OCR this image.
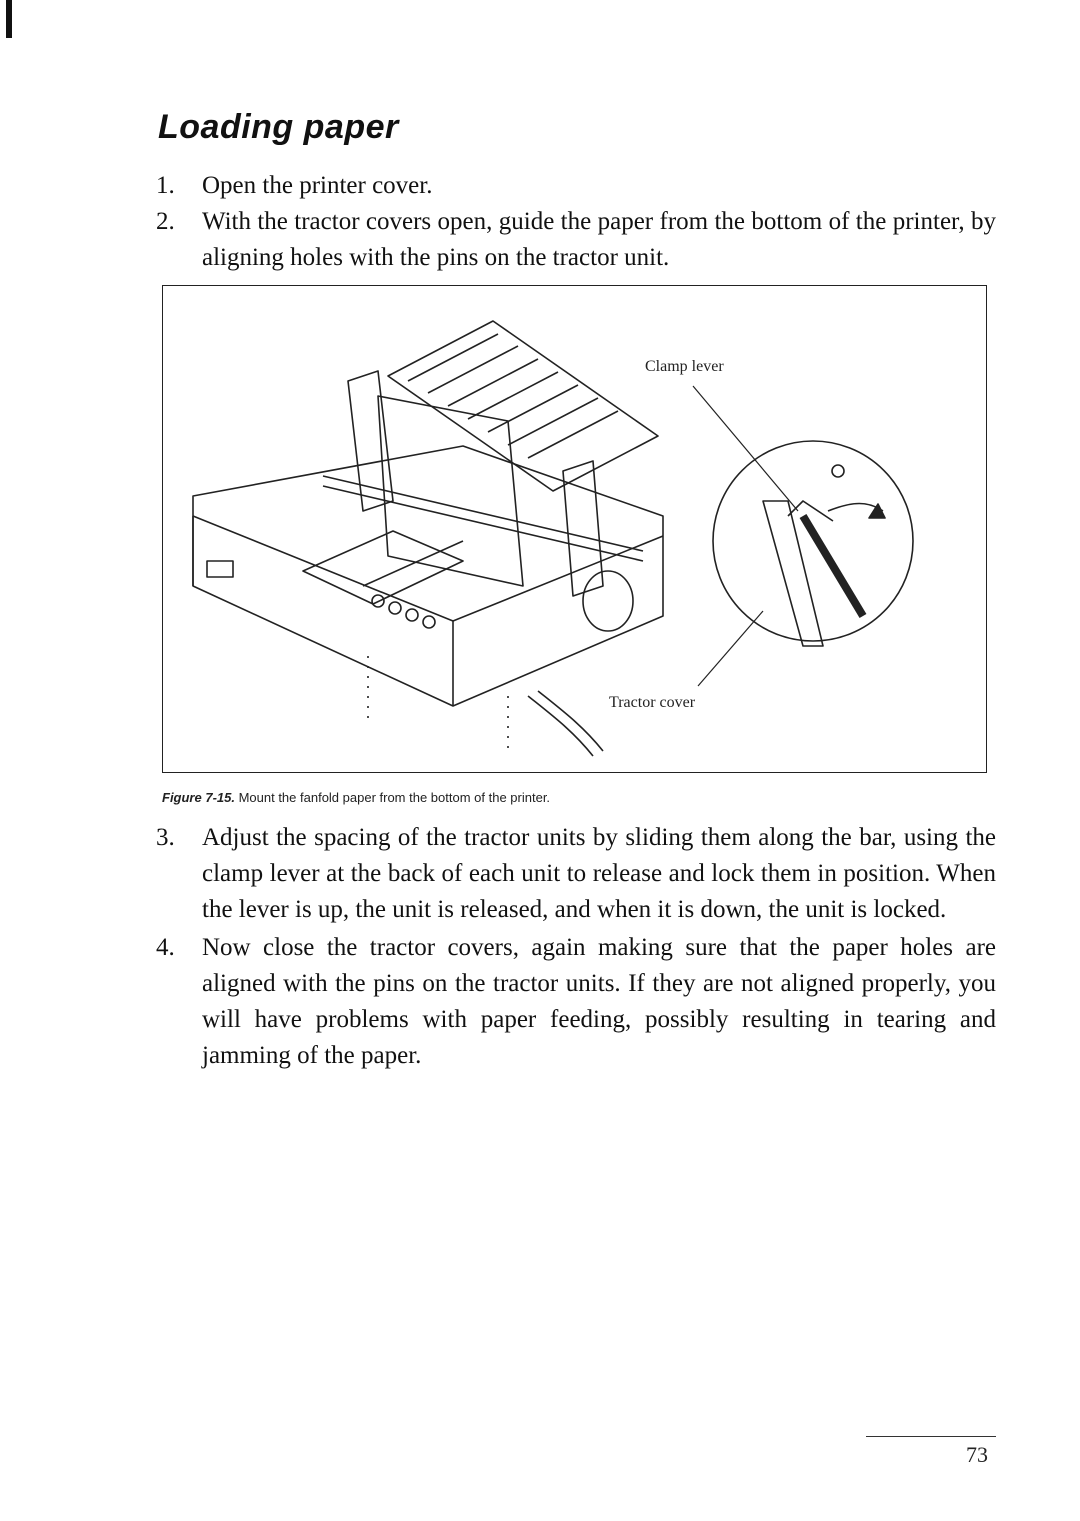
Loading paper
1. Open the printer cover.
2. With the tractor covers open, guide the paper from the bottom of the printer, by aligning holes with the pins on the tractor unit.
Clamp lever
Tractor cover
Figure 7-15. Mount the fanfold paper from the bottom of the printer.
3. Adjust the spacing of the tractor units by sliding them along the bar, using the clamp lever at the back of each unit to release and lock them in position. When the lever is up, the unit is released, and when it is down, the unit is locked.
4. Now close the tractor covers, again making sure that the paper holes are aligned with the pins on the tractor units. If they are not aligned properly, you will have problems with paper feeding, possibly resulting in tearing and jamming of the paper.
73
